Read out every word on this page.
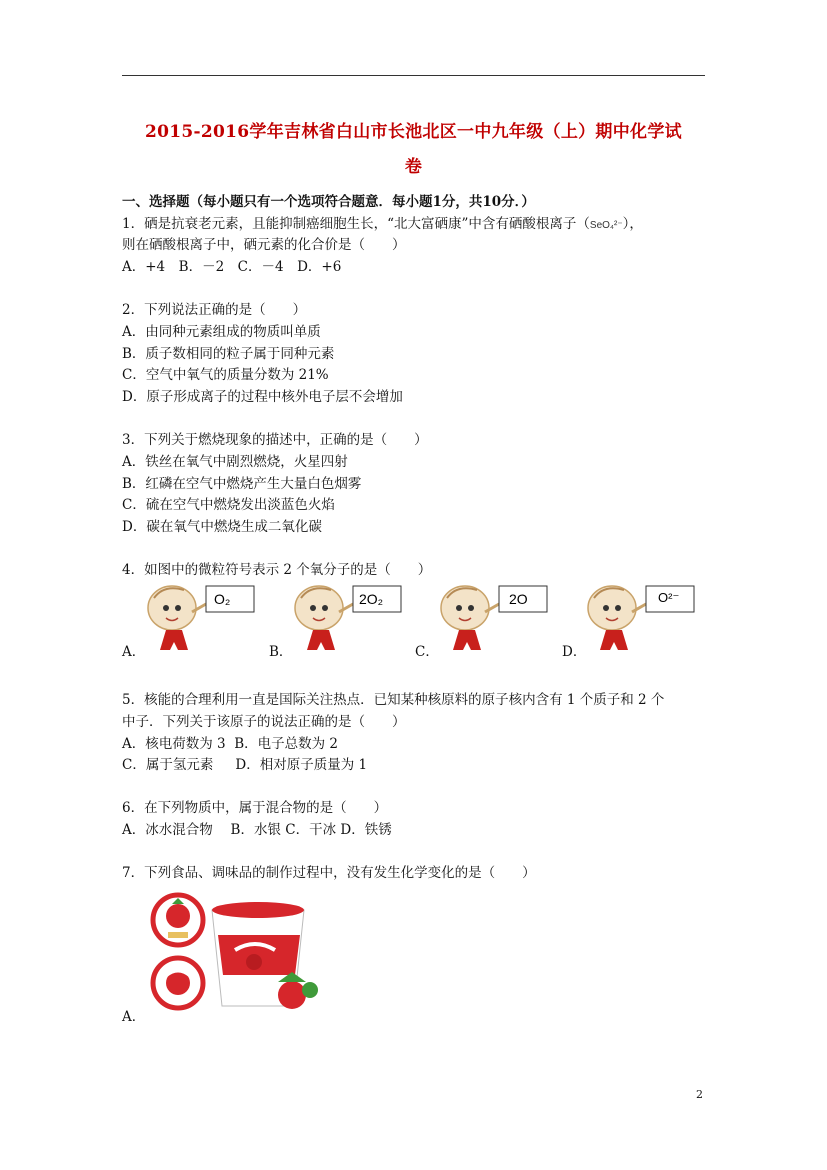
2015-2016学年吉林省白山市长池北区一中九年级（上）期中化学试
卷
一、选择题（每小题只有一个选项符合题意．每小题1分，共10分．）
1．硒是抗衰老元素，且能抑制癌细胞生长，“北大富硒康”中含有硒酸根离子（SeO₄²⁻），
则在硒酸根离子中，硒元素的化合价是（　　）
A．+4　B．－2　C．－4　D．+6
2．下列说法正确的是（　　）
A．由同种元素组成的物质叫单质
B．质子数相同的粒子属于同种元素
C．空气中氧气的质量分数为 21%
D．原子形成离子的过程中核外电子层不会增加
3．下列关于燃烧现象的描述中，正确的是（　　）
A．铁丝在氧气中剧烈燃烧，火星四射
B．红磷在空气中燃烧产生大量白色烟雾
C．硫在空气中燃烧发出淡蓝色火焰
D．碳在氧气中燃烧生成二氧化碳
4．如图中的微粒符号表示 2 个氧分子的是（　　）
A．
O₂
B．
2O₂
C．
2O
D．
O²⁻
5．核能的合理利用一直是国际关注热点．已知某种核原料的原子核内含有 1 个质子和 2 个
中子．下列关于该原子的说法正确的是（　　）
A．核电荷数为 3  B．电子总数为 2
C．属于氢元素　  D．相对原子质量为 1
6．在下列物质中，属于混合物的是（　　）
A．冰水混合物　 B．水银 C．干冰 D．铁锈
7．下列食品、调味品的制作过程中，没有发生化学变化的是（　　）
A．
2
